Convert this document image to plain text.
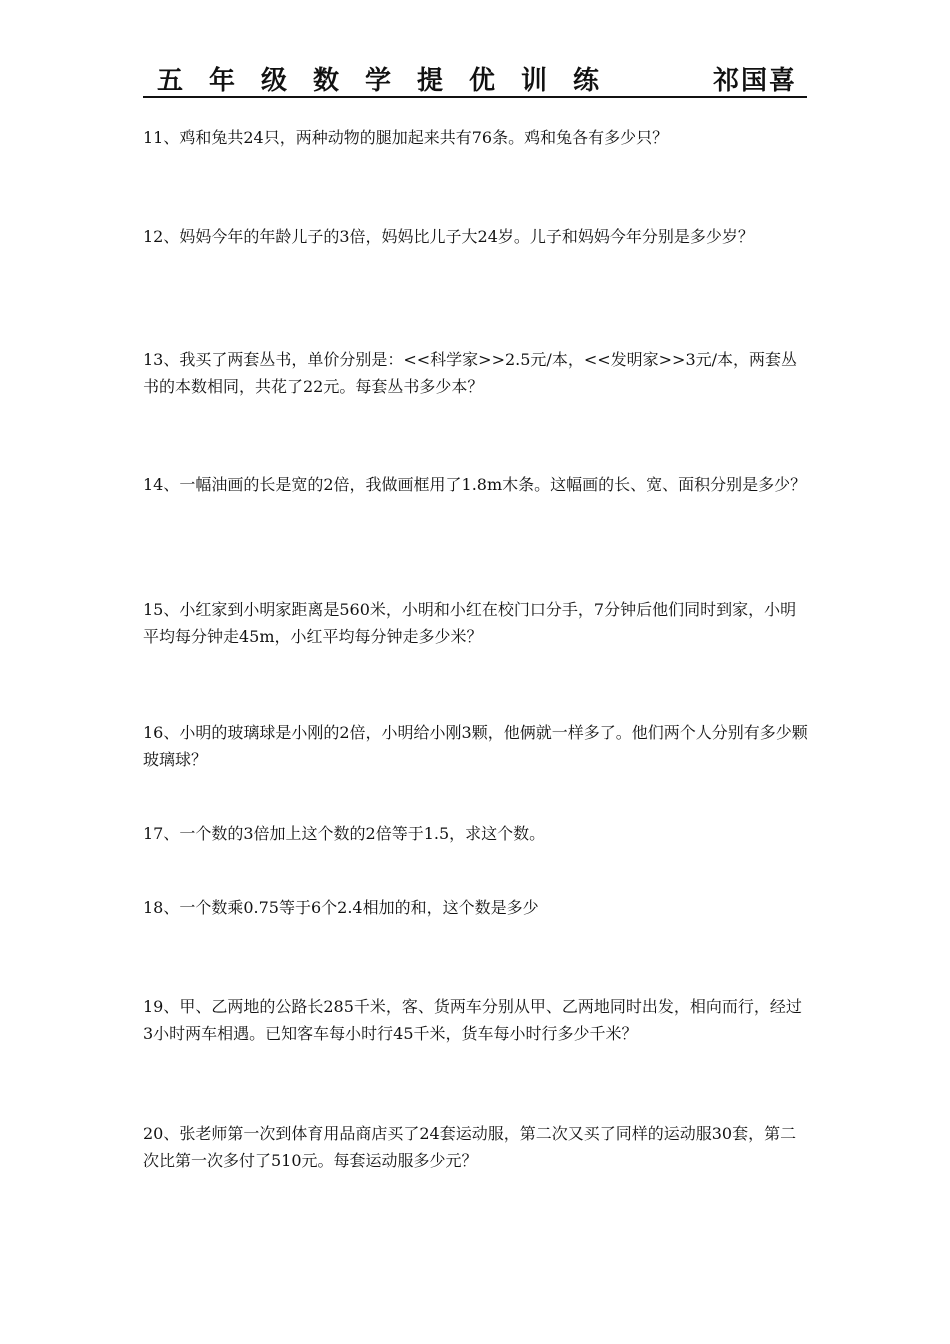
五年级数学提优训练	祁国喜

11、鸡和兔共24只，两种动物的腿加起来共有76条。鸡和兔各有多少只？

12、妈妈今年的年龄儿子的3倍，妈妈比儿子大24岁。儿子和妈妈今年分别是多少岁？

13、我买了两套丛书，单价分别是：<<科学家>>2.5元/本，<<发明家>>3元/本，两套丛书的本数相同，共花了22元。每套丛书多少本？

14、一幅油画的长是宽的2倍，我做画框用了1.8m木条。这幅画的长、宽、面积分别是多少？

15、小红家到小明家距离是560米，小明和小红在校门口分手，7分钟后他们同时到家，小明平均每分钟走45m，小红平均每分钟走多少米？

16、小明的玻璃球是小刚的2倍，小明给小刚3颗，他俩就一样多了。他们两个人分别有多少颗玻璃球？

17、一个数的3倍加上这个数的2倍等于1.5，求这个数。

18、一个数乘0.75等于6个2.4相加的和，这个数是多少

19、甲、乙两地的公路长285千米，客、货两车分别从甲、乙两地同时出发，相向而行，经过3小时两车相遇。已知客车每小时行45千米，货车每小时行多少千米？

20、张老师第一次到体育用品商店买了24套运动服，第二次又买了同样的运动服30套，第二次比第一次多付了510元。每套运动服多少元？
